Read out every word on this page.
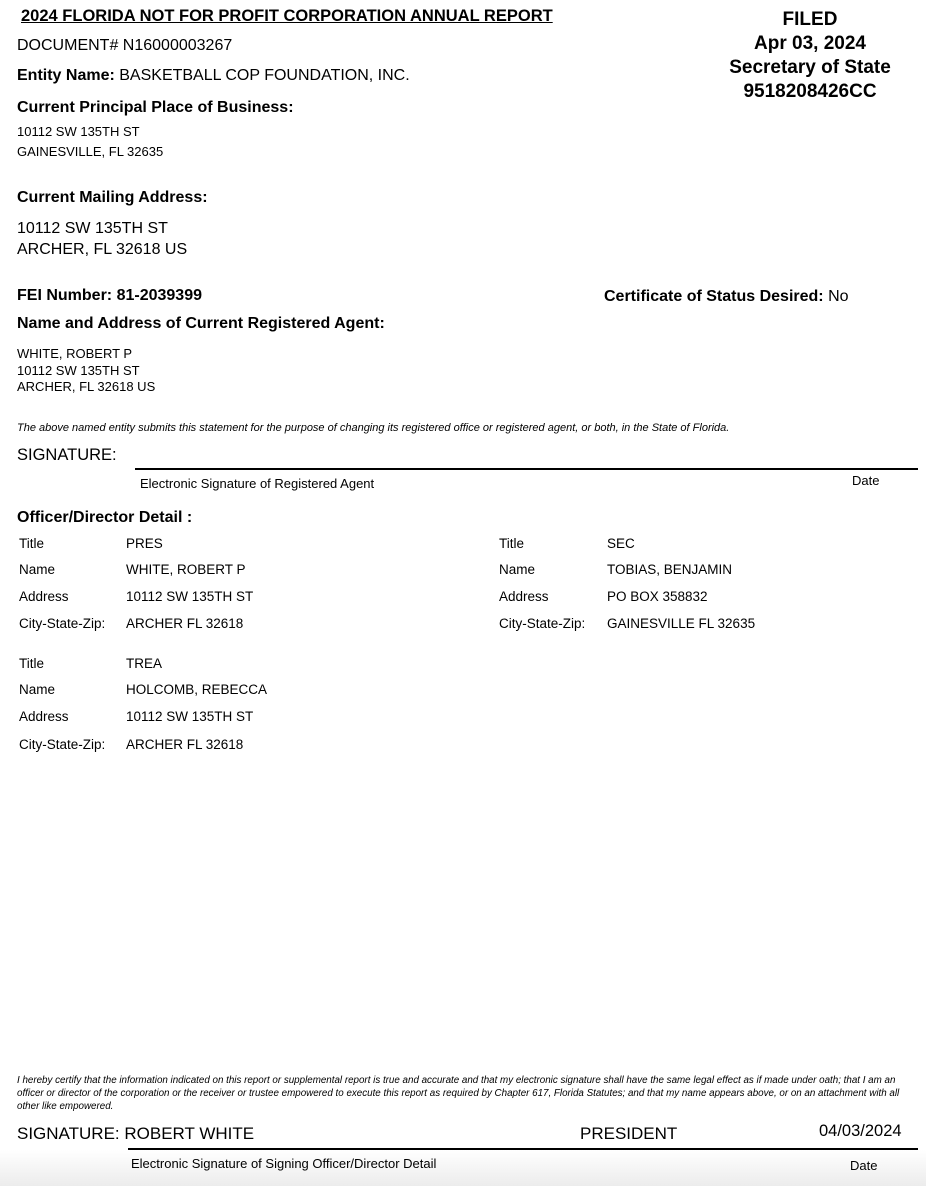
2024 FLORIDA NOT FOR PROFIT CORPORATION ANNUAL REPORT
DOCUMENT# N16000003267
Entity Name: BASKETBALL COP FOUNDATION, INC.
FILED
Apr 03, 2024
Secretary of State
9518208426CC
Current Principal Place of Business:
10112 SW 135TH ST
GAINESVILLE, FL 32635
Current Mailing Address:
10112 SW 135TH ST
ARCHER, FL 32618 US
FEI Number: 81-2039399	Certificate of Status Desired: No
Name and Address of Current Registered Agent:
WHITE, ROBERT P
10112 SW 135TH ST
ARCHER, FL 32618 US
The above named entity submits this statement for the purpose of changing its registered office or registered agent, or both, in the State of Florida.
SIGNATURE:
Electronic Signature of Registered Agent	Date
Officer/Director Detail :
Title	PRES
Name	WHITE, ROBERT P
Address	10112 SW 135TH ST
City-State-Zip: ARCHER FL 32618
Title	SEC
Name	TOBIAS, BENJAMIN
Address	PO BOX 358832
City-State-Zip: GAINESVILLE FL 32635
Title	TREA
Name	HOLCOMB, REBECCA
Address	10112 SW 135TH ST
City-State-Zip: ARCHER FL 32618
I hereby certify that the information indicated on this report or supplemental report is true and accurate and that my electronic signature shall have the same legal effect as if made under oath; that I am an officer or director of the corporation or the receiver or trustee empowered to execute this report as required by Chapter 617, Florida Statutes; and that my name appears above, or on an attachment with all other like empowered.
SIGNATURE: ROBERT WHITE	PRESIDENT	04/03/2024
Electronic Signature of Signing Officer/Director Detail	Date
